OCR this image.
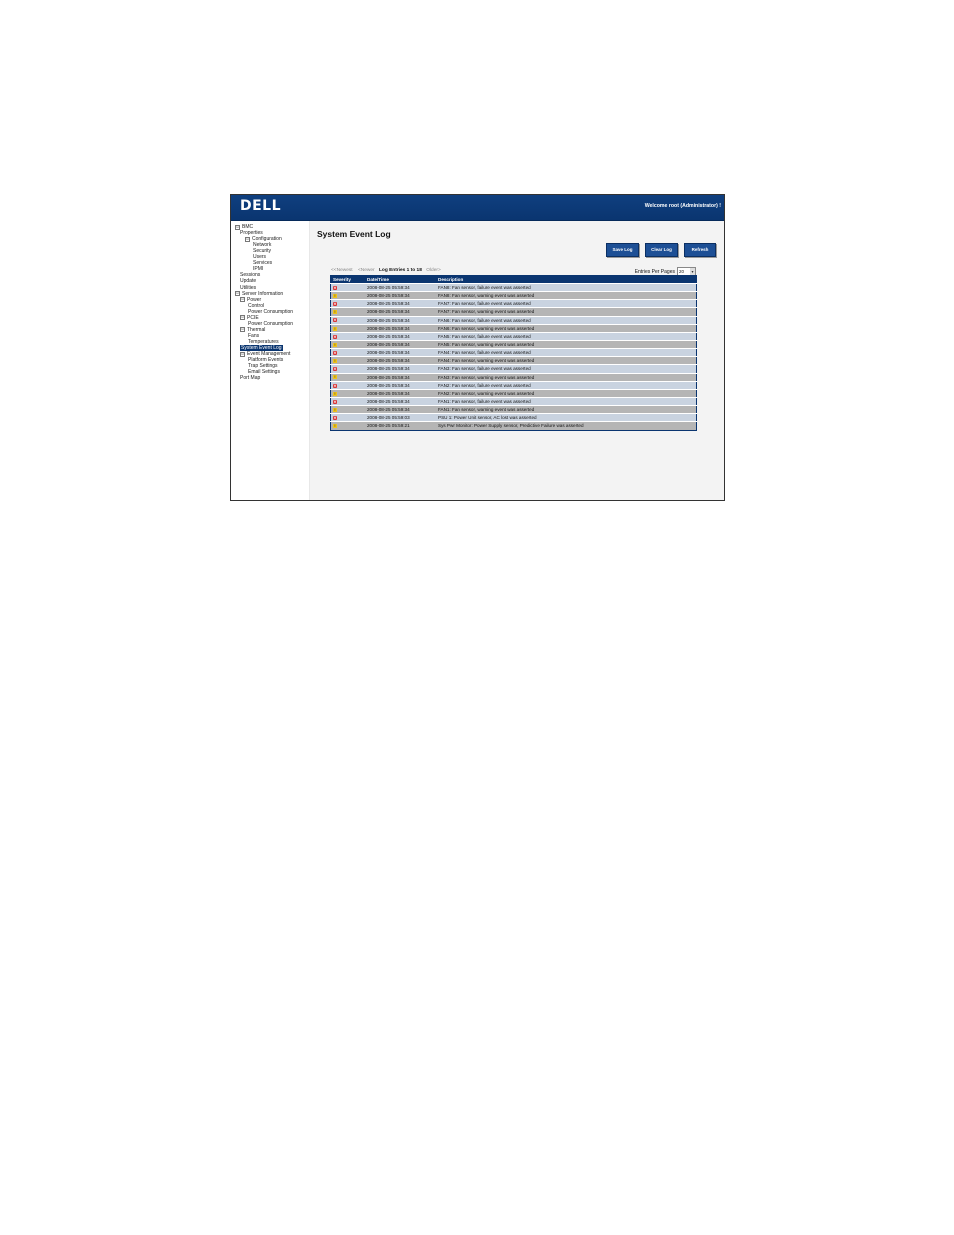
DELL	Welcome root (Administrator) !
⊟ BMC
Properties
⊟ Configuration
Network
Security
Users
Services
IPMI
Sessions
Update
Utilities
⊟ Server Information
⊟ Power
Control
Power Consumption
⊟ PCIE
Power Consumption
⊟ Thermal
Fans
Temperatures
System Event Log
⊟ Event Management
Platform Events
Trap Settings
Email Settings
Port Map
System Event Log
Save Log	Clear Log	Refresh
<<Newest <Newer Log Entries 1 to 18 Older>	Entries Per Pages 20	▾
Severity	Date/Time	Description
✕	2008-08-25 05:59:34	FAN8: Fan sensor, failure event was asserted
!	2008-08-25 05:59:34	FAN8: Fan sensor, warning event was asserted
✕	2008-08-25 05:59:34	FAN7: Fan sensor, failure event was asserted
!	2008-08-25 05:59:34	FAN7: Fan sensor, warning event was asserted
✕	2008-08-25 05:59:34	FAN6: Fan sensor, failure event was asserted
!	2008-08-25 05:59:34	FAN6: Fan sensor, warning event was asserted
✕	2008-08-25 05:59:34	FAN5: Fan sensor, failure event was asserted
!	2008-08-25 05:59:34	FAN5: Fan sensor, warning event was asserted
✕	2008-08-25 05:59:34	FAN4: Fan sensor, failure event was asserted
!	2008-08-25 05:59:34	FAN4: Fan sensor, warning event was asserted
✕	2008-08-25 05:59:34	FAN3: Fan sensor, failure event was asserted
!	2008-08-25 05:59:34	FAN3: Fan sensor, warning event was asserted
✕	2008-08-25 05:59:34	FAN2: Fan sensor, failure event was asserted
!	2008-08-25 05:59:34	FAN2: Fan sensor, warning event was asserted
✕	2008-08-25 05:59:34	FAN1: Fan sensor, failure event was asserted
!	2008-08-25 05:59:34	FAN1: Fan sensor, warning event was asserted
✕	2008-08-25 05:59:03	PSU 1: Power Unit sensor, AC lost was asserted
!	2008-08-25 05:59:21	Sys Pwr Monitor: Power Supply sensor, Predictive Failure was asserted
